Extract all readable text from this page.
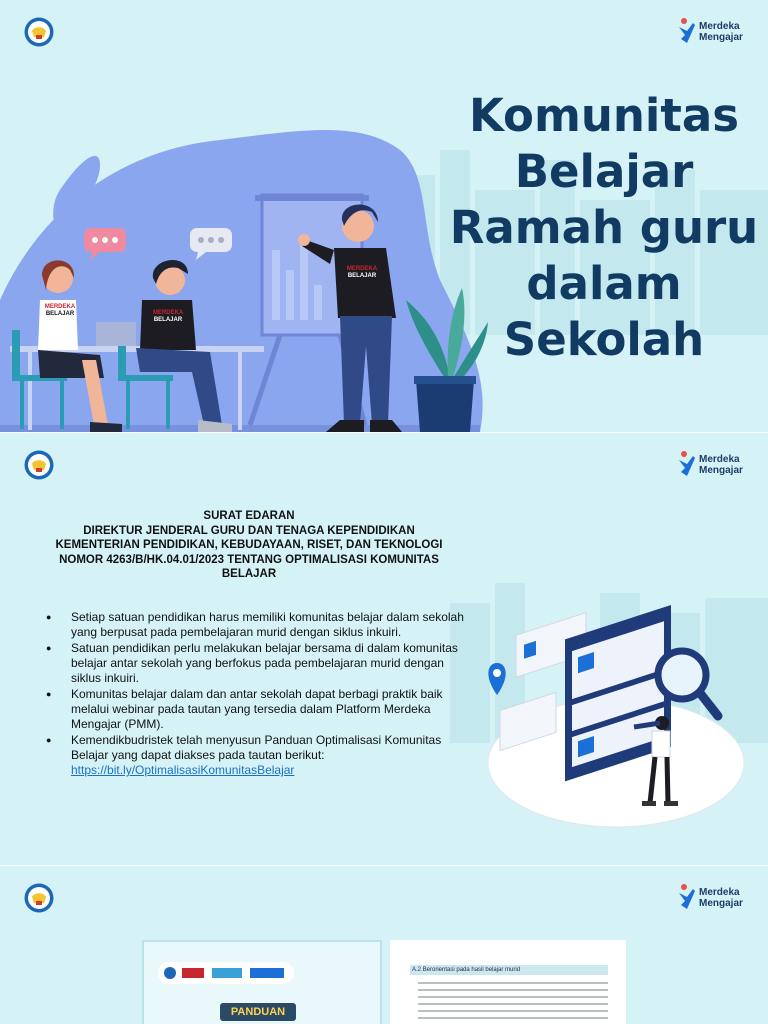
MERDEKA
BELAJAR	MERDEKA
BELAJAR
MERDEKA
BELAJAR
Merdeka
Mengajar
Komunitas
Belajar
Ramah guru
dalam
Sekolah
Merdeka
Mengajar
SURAT EDARAN
DIREKTUR JENDERAL GURU DAN TENAGA KEPENDIDIKAN
KEMENTERIAN PENDIDIKAN, KEBUDAYAAN, RISET, DAN TEKNOLOGI
NOMOR 4263/B/HK.04.01/2023 TENTANG OPTIMALISASI KOMUNITAS
BELAJAR
● Setiap satuan pendidikan harus memiliki komunitas belajar dalam sekolah yang berpusat pada pembelajaran murid dengan siklus inkuiri.
● Satuan pendidikan perlu melakukan belajar bersama di dalam komunitas belajar antar sekolah yang berfokus pada pembelajaran murid dengan siklus inkuiri.
● Komunitas belajar dalam dan antar sekolah dapat berbagi praktik baik melalui webinar pada tautan yang tersedia dalam Platform Merdeka Mengajar (PMM).
● Kemendikbudristek telah menyusun Panduan Optimalisasi Komunitas Belajar yang dapat diakses pada tautan berikut:
https://bit.ly/OptimalisasiKomunitasBelajar
Merdeka
Mengajar
PANDUAN
A.2 Berorientasi pada hasil belajar murid
